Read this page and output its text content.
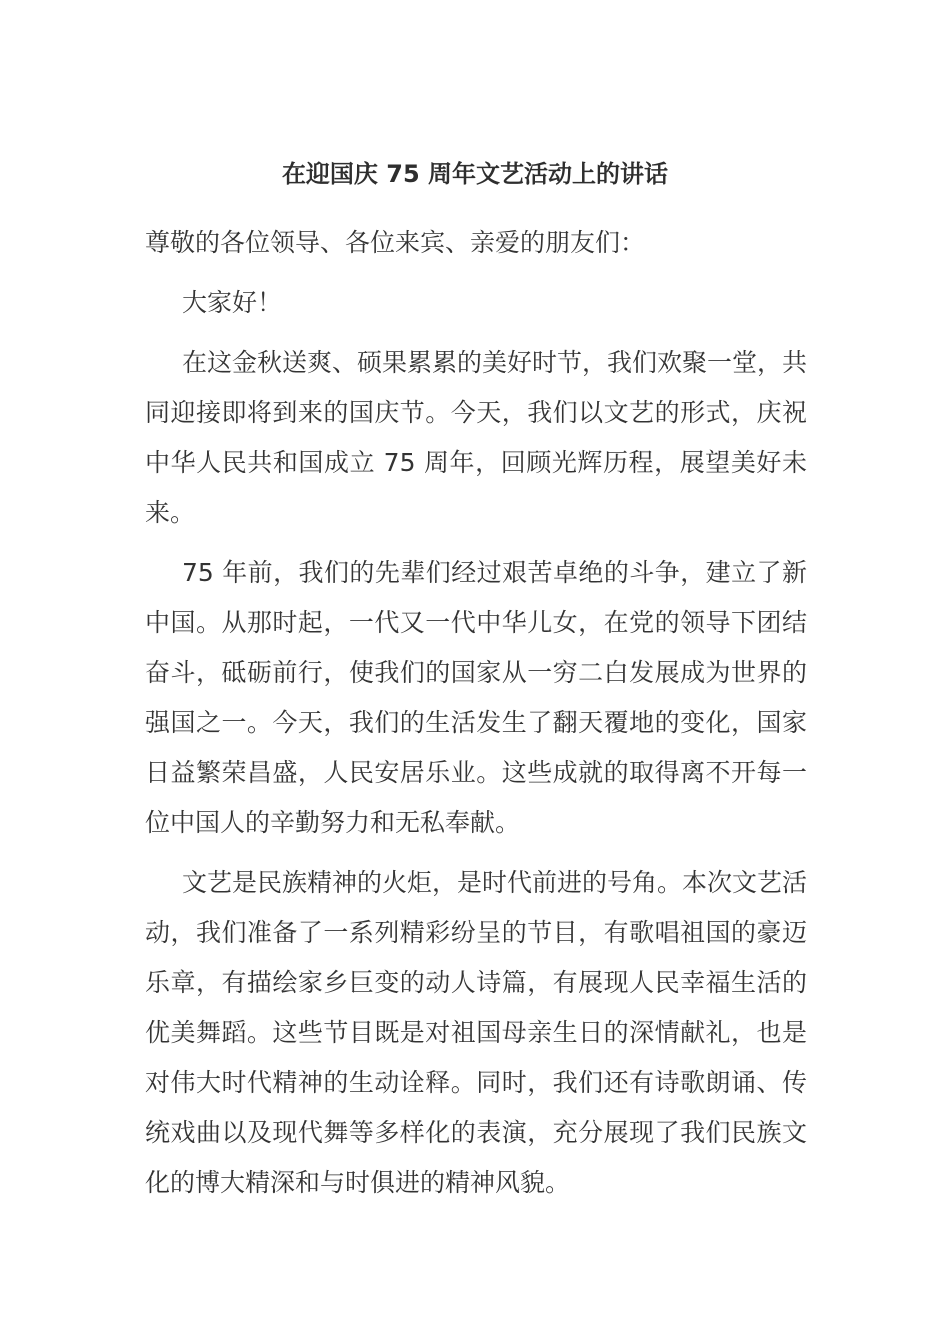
在迎国庆 75 周年文艺活动上的讲话

尊敬的各位领导、各位来宾、亲爱的朋友们：

大家好！

在这金秋送爽、硕果累累的美好时节，我们欢聚一堂，共同迎接即将到来的国庆节。今天，我们以文艺的形式，庆祝中华人民共和国成立 75 周年，回顾光辉历程，展望美好未来。

75 年前，我们的先辈们经过艰苦卓绝的斗争，建立了新中国。从那时起，一代又一代中华儿女，在党的领导下团结奋斗，砥砺前行，使我们的国家从一穷二白发展成为世界的强国之一。今天，我们的生活发生了翻天覆地的变化，国家日益繁荣昌盛，人民安居乐业。这些成就的取得离不开每一位中国人的辛勤努力和无私奉献。

文艺是民族精神的火炬，是时代前进的号角。本次文艺活动，我们准备了一系列精彩纷呈的节目，有歌唱祖国的豪迈乐章，有描绘家乡巨变的动人诗篇，有展现人民幸福生活的优美舞蹈。这些节目既是对祖国母亲生日的深情献礼，也是对伟大时代精神的生动诠释。同时，我们还有诗歌朗诵、传统戏曲以及现代舞等多样化的表演，充分展现了我们民族文化的博大精深和与时俱进的精神风貌。
